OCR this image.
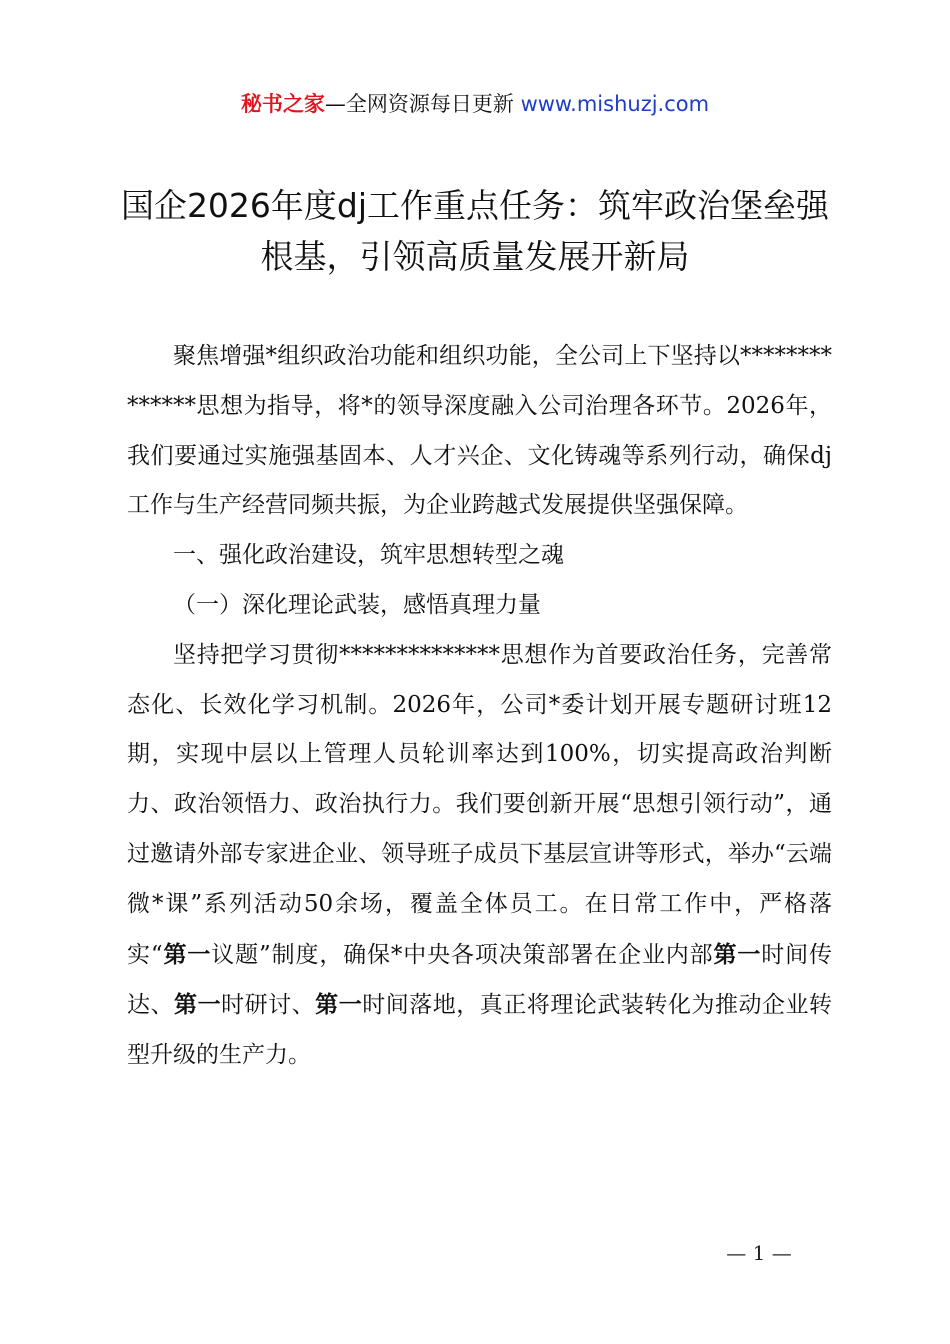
秘书之家—全网资源每日更新 www.mishuzj.com
国企2026年度dj工作重点任务：筑牢政治堡垒强根基，引领高质量发展开新局

聚焦增强*组织政治功能和组织功能，全公司上下坚持以**************思想为指导，将*的领导深度融入公司治理各环节。2026年，我们要通过实施强基固本、人才兴企、文化铸魂等系列行动，确保dj工作与生产经营同频共振，为企业跨越式发展提供坚强保障。

一、强化政治建设，筑牢思想转型之魂
（一）深化理论武装，感悟真理力量

坚持把学习贯彻**************思想作为首要政治任务，完善常态化、长效化学习机制。2026年，公司*委计划开展专题研讨班12期，实现中层以上管理人员轮训率达到100%，切实提高政治判断力、政治领悟力、政治执行力。我们要创新开展“思想引领行动”，通过邀请外部专家进企业、领导班子成员下基层宣讲等形式，举办“云端微*课”系列活动50余场，覆盖全体员工。在日常工作中，严格落实“第一议题”制度，确保*中央各项决策部署在企业内部第一时间传达、第一时研讨、第一时间落地，真正将理论武装转化为推动企业转型升级的生产力。

— 1 —
